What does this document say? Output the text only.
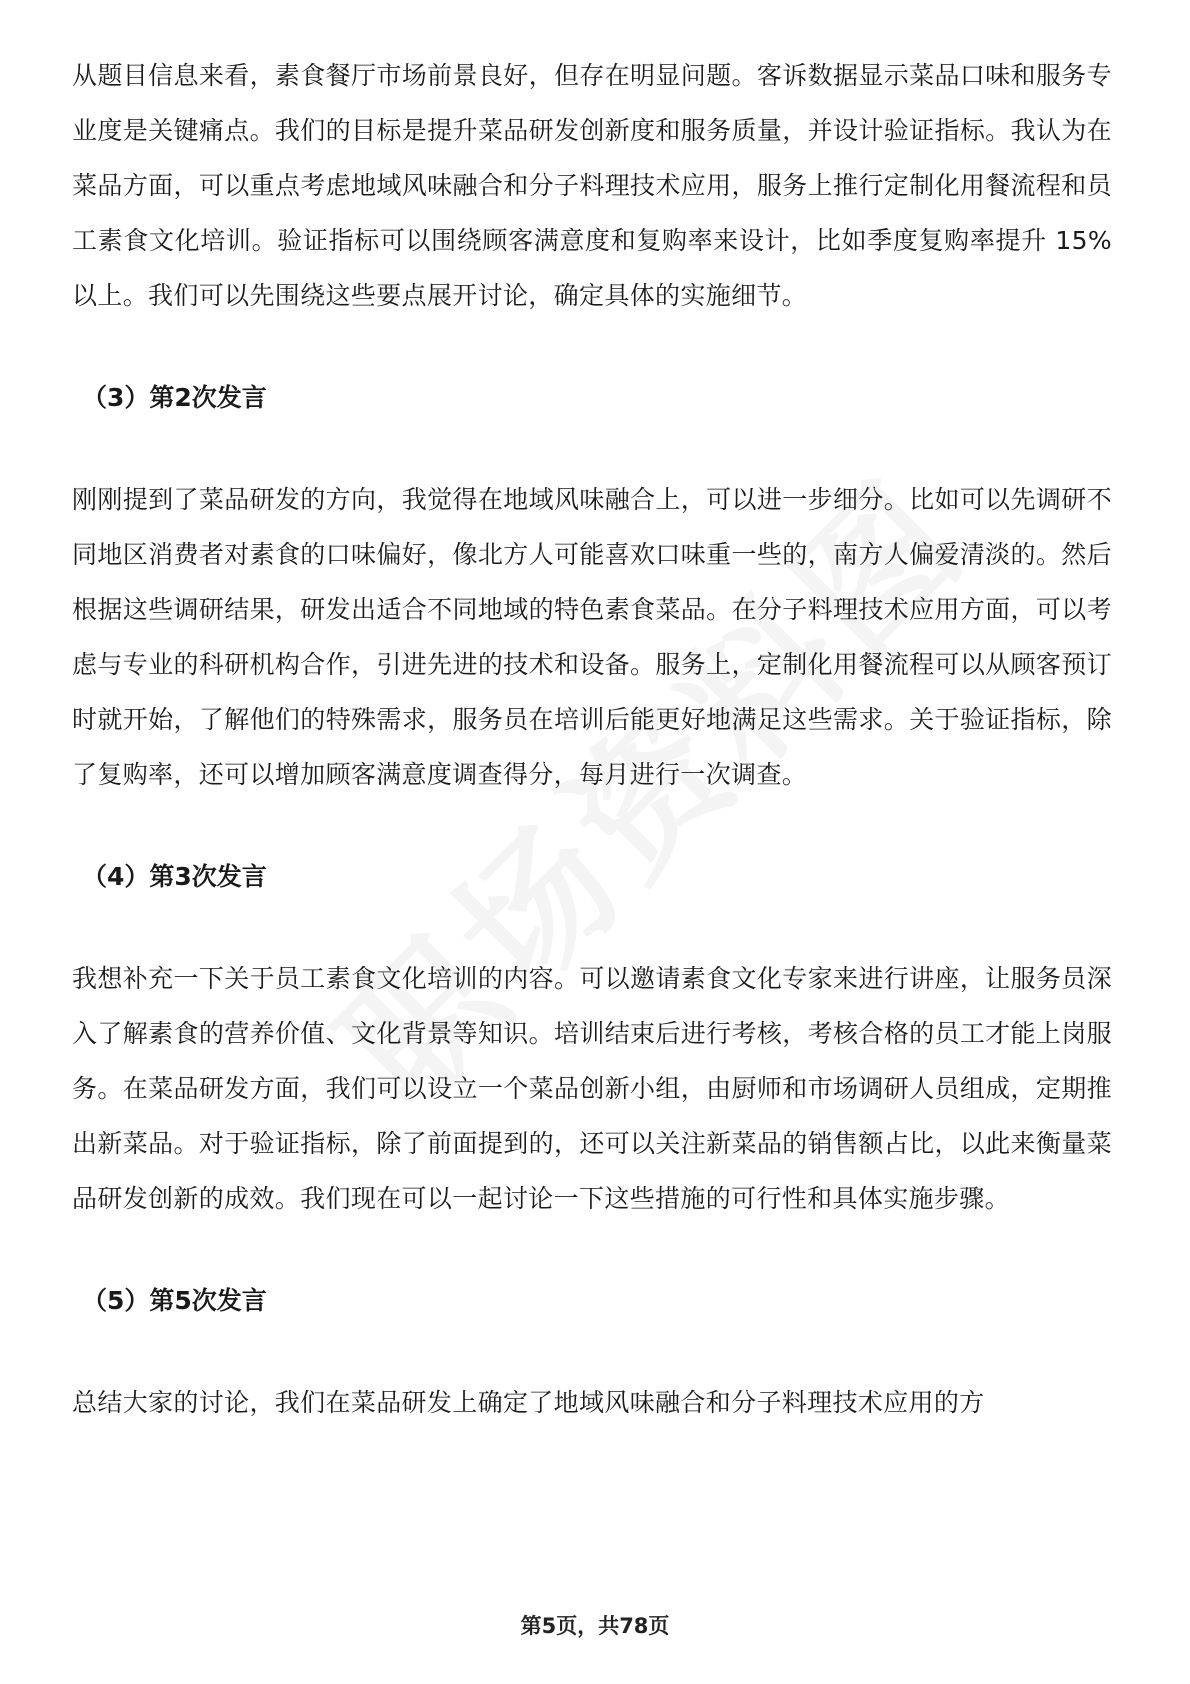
从题目信息来看，素食餐厅市场前景良好，但存在明显问题。客诉数据显示菜品口味和服务专业度是关键痛点。我们的目标是提升菜品研发创新度和服务质量，并设计验证指标。我认为在菜品方面，可以重点考虑地域风味融合和分子料理技术应用，服务上推行定制化用餐流程和员工素食文化培训。验证指标可以围绕顾客满意度和复购率来设计，比如季度复购率提升 15% 以上。我们可以先围绕这些要点展开讨论，确定具体的实施细节。

（3）第2次发言

刚刚提到了菜品研发的方向，我觉得在地域风味融合上，可以进一步细分。比如可以先调研不同地区消费者对素食的口味偏好，像北方人可能喜欢口味重一些的，南方人偏爱清淡的。然后根据这些调研结果，研发出适合不同地域的特色素食菜品。在分子料理技术应用方面，可以考虑与专业的科研机构合作，引进先进的技术和设备。服务上，定制化用餐流程可以从顾客预订时就开始，了解他们的特殊需求，服务员在培训后能更好地满足这些需求。关于验证指标，除了复购率，还可以增加顾客满意度调查得分，每月进行一次调查。

（4）第3次发言

我想补充一下关于员工素食文化培训的内容。可以邀请素食文化专家来进行讲座，让服务员深入了解素食的营养价值、文化背景等知识。培训结束后进行考核，考核合格的员工才能上岗服务。在菜品研发方面，我们可以设立一个菜品创新小组，由厨师和市场调研人员组成，定期推出新菜品。对于验证指标，除了前面提到的，还可以关注新菜品的销售额占比，以此来衡量菜品研发创新的成效。我们现在可以一起讨论一下这些措施的可行性和具体实施步骤。

（5）第5次发言

总结大家的讨论，我们在菜品研发上确定了地域风味融合和分子料理技术应用的方

第5页，共78页
